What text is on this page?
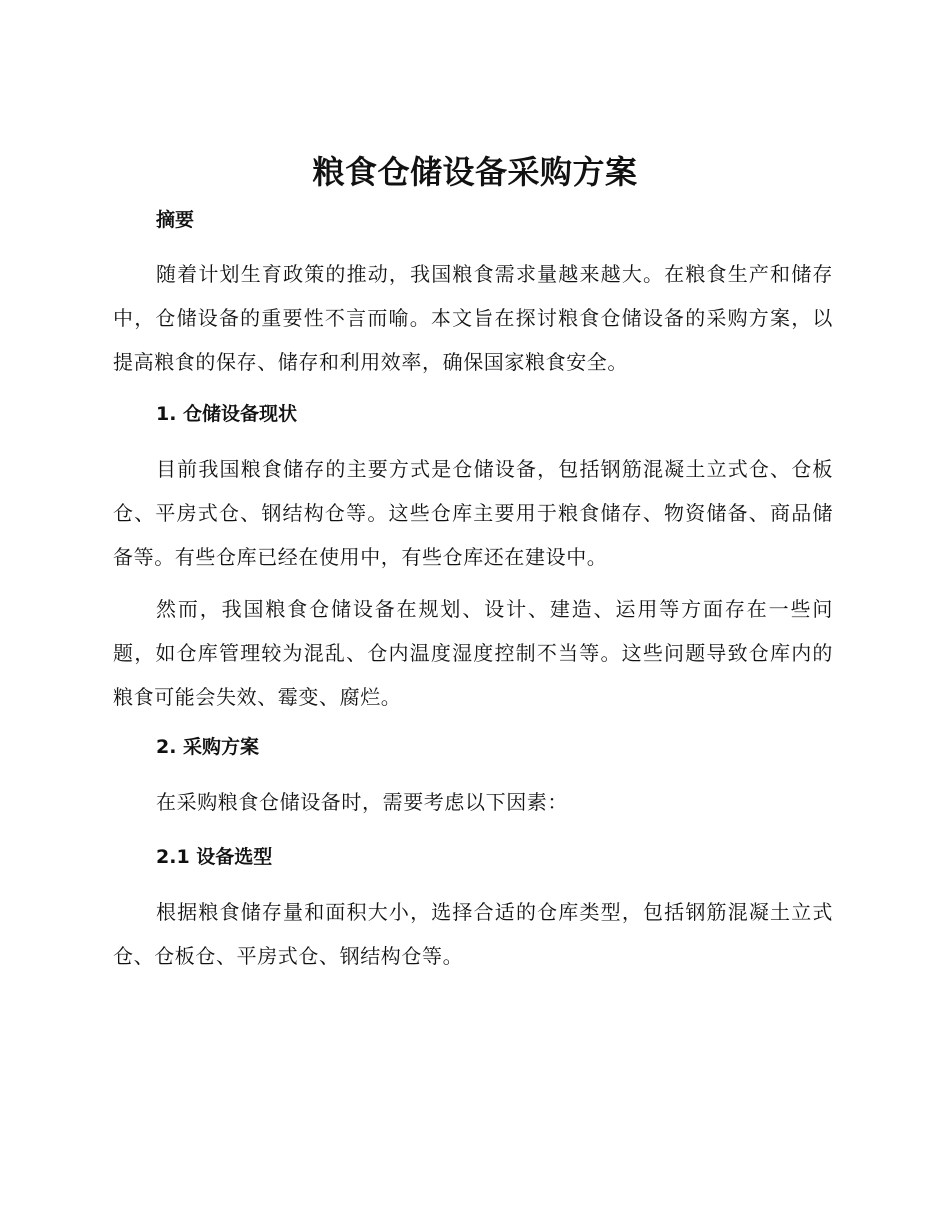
粮食仓储设备采购方案
摘要

随着计划生育政策的推动，我国粮食需求量越来越大。在粮食生产和储存中，仓储设备的重要性不言而喻。本文旨在探讨粮食仓储设备的采购方案，以提高粮食的保存、储存和利用效率，确保国家粮食安全。

1. 仓储设备现状

目前我国粮食储存的主要方式是仓储设备，包括钢筋混凝土立式仓、仓板仓、平房式仓、钢结构仓等。这些仓库主要用于粮食储存、物资储备、商品储备等。有些仓库已经在使用中，有些仓库还在建设中。

然而，我国粮食仓储设备在规划、设计、建造、运用等方面存在一些问题，如仓库管理较为混乱、仓内温度湿度控制不当等。这些问题导致仓库内的粮食可能会失效、霉变、腐烂。

2. 采购方案

在采购粮食仓储设备时，需要考虑以下因素：

2.1 设备选型

根据粮食储存量和面积大小，选择合适的仓库类型，包括钢筋混凝土立式仓、仓板仓、平房式仓、钢结构仓等。
